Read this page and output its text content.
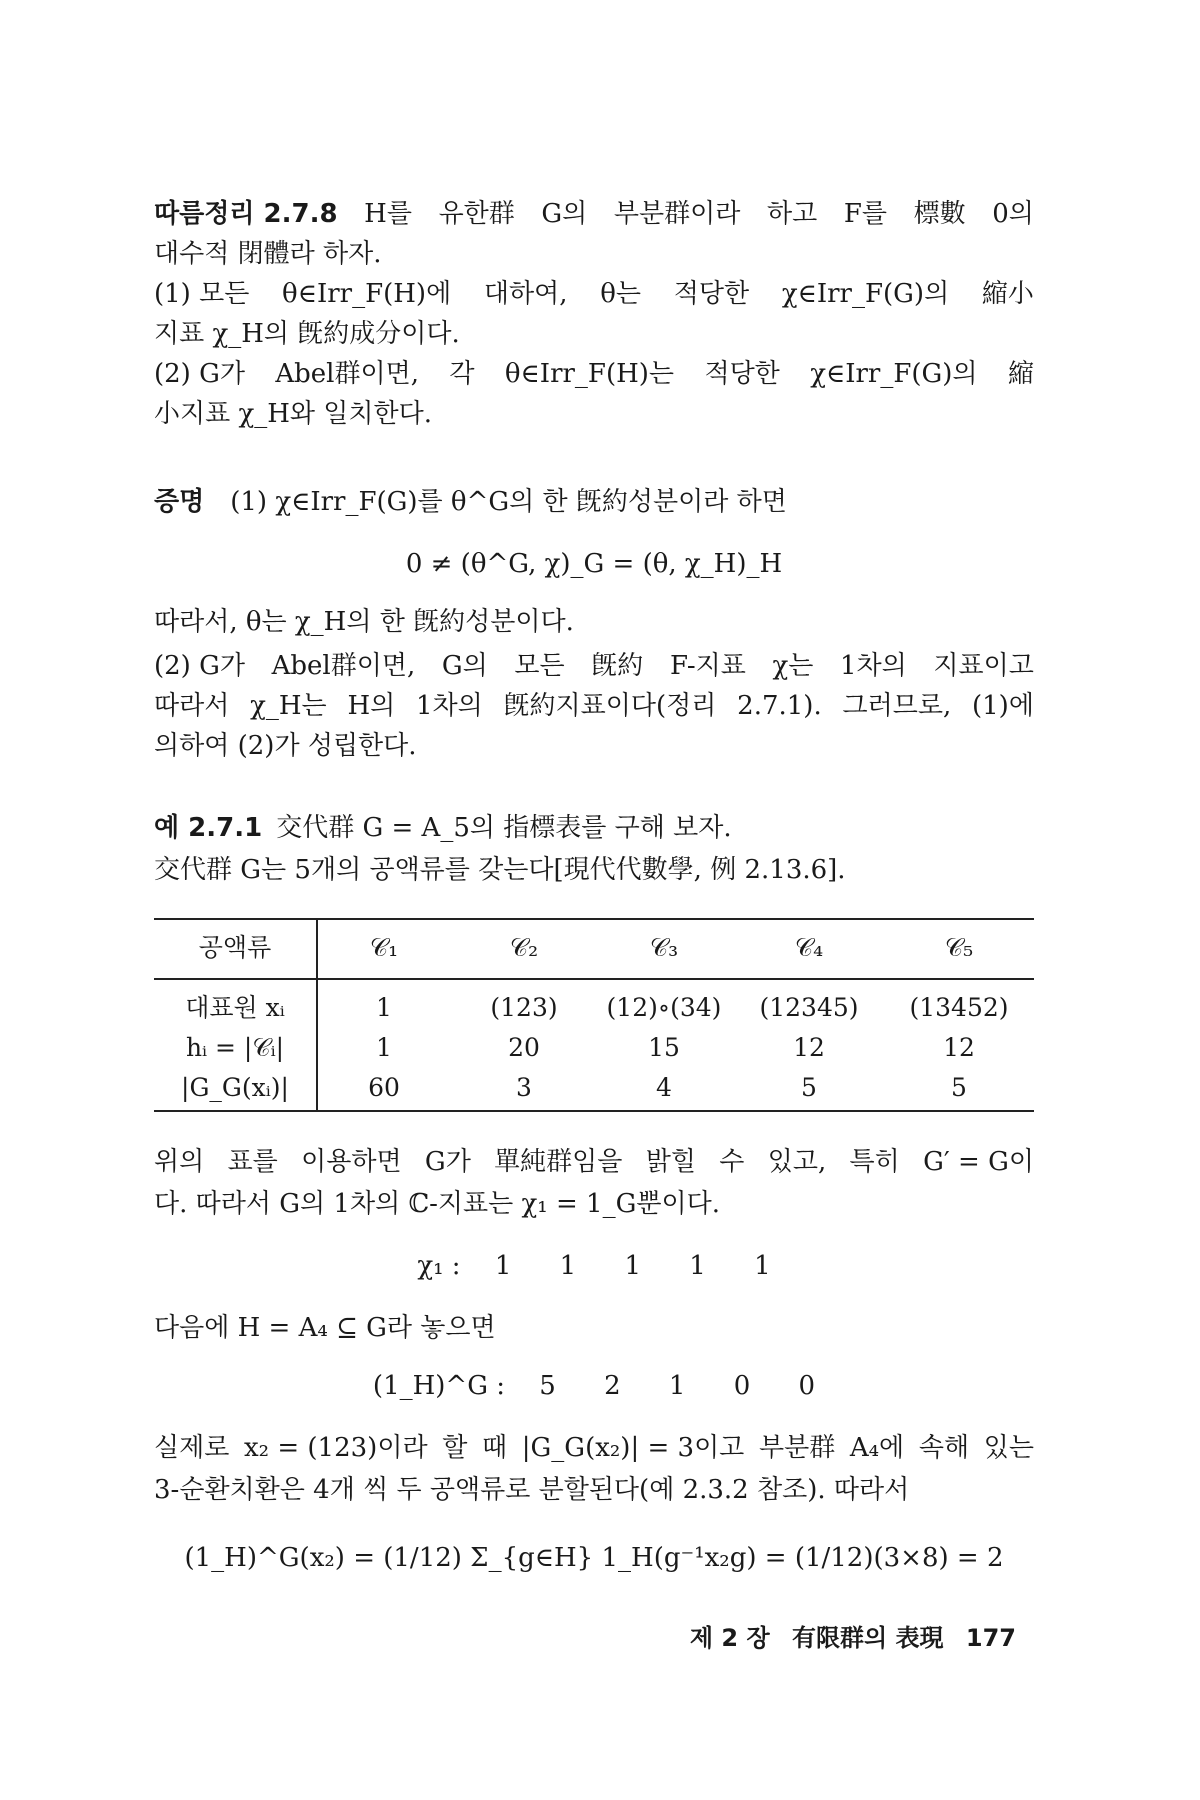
따름정리 2.7.8 H를 유한群 G의 부분群이라 하고 F를 標數 0의
대수적 閉體라 하자.
(1) 모든 θ∈Irr_F(H)에 대하여, θ는 적당한 χ∈Irr_F(G)의 縮小
지표 χ_H의 旣約成分이다.
(2) G가 Abel群이면, 각 θ∈Irr_F(H)는 적당한 χ∈Irr_F(G)의 縮
小지표 χ_H와 일치한다.
증명 (1) χ∈Irr_F(G)를 θ^G의 한 旣約성분이라 하면
0 ≠ (θ^G, χ)_G = (θ, χ_H)_H
따라서, θ는 χ_H의 한 旣約성분이다.
(2) G가 Abel群이면, G의 모든 旣約 F-지표 χ는 1차의 지표이고
따라서 χ_H는 H의 1차의 旣約지표이다(정리 2.7.1). 그러므로, (1)에
의하여 (2)가 성립한다.
예 2.7.1 交代群 G = A_5의 指標表를 구해 보자.
交代群 G는 5개의 공액류를 갖는다[現代代數學, 例 2.13.6].
공액류	𝒞₁	𝒞₂	𝒞₃	𝒞₄	𝒞₅
대표원 xᵢ	1	(123)	(12)∘(34)	(12345)	(13452)
hᵢ = |𝒞ᵢ|	1	20	15	12	12
|G_G(xᵢ)|	60	3	4	5	5
위의 표를 이용하면 G가 單純群임을 밝힐 수 있고, 특히 G′ = G이
다. 따라서 G의 1차의 ℂ-지표는 χ₁ = 1_G뿐이다.
χ₁ : 1 1 1 1 1
다음에 H = A₄ ⊆ G라 놓으면
(1_H)^G : 5 2 1 0 0
실제로 x₂ = (123)이라 할 때 |G_G(x₂)| = 3이고 부분群 A₄에 속해 있는
3-순환치환은 4개 씩 두 공액류로 분할된다(예 2.3.2 참조). 따라서
(1_H)^G(x₂) = (1/12) Σ_{g∈H} 1_H(g⁻¹x₂g) = (1/12)(3×8) = 2
제 2 장 有限群의 表現 177
